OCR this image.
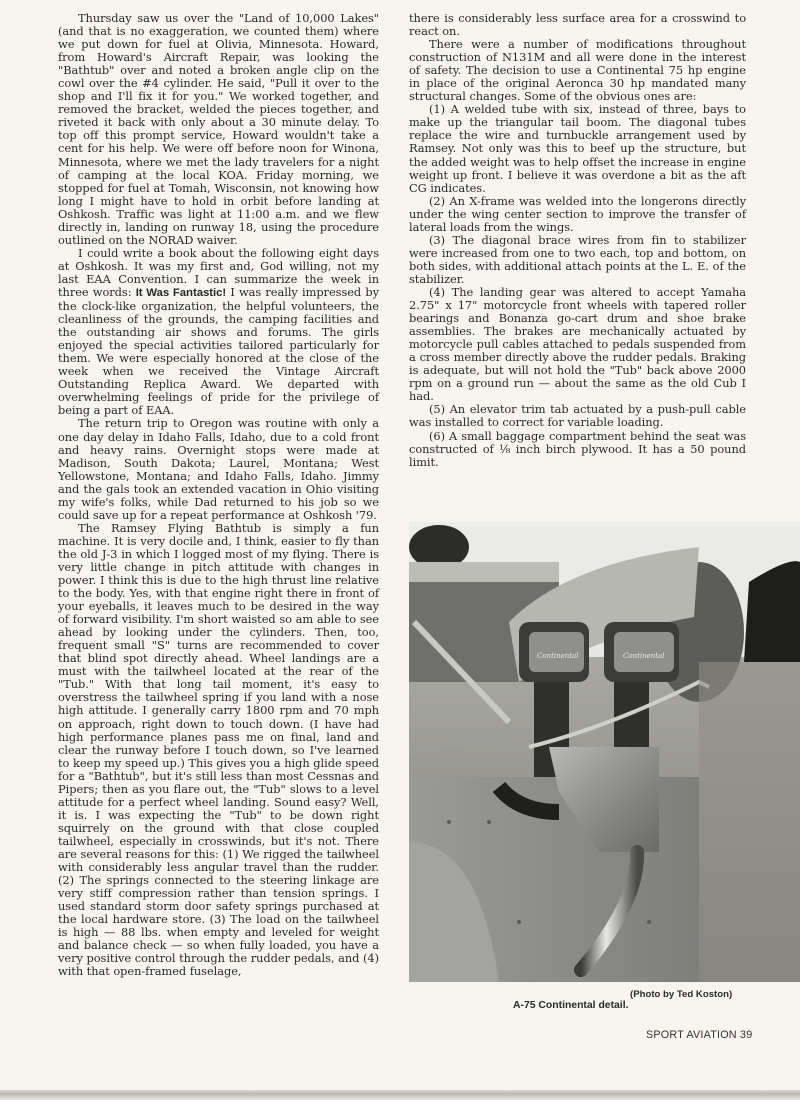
Thursday saw us over the "Land of 10,000 Lakes" (and that is no exaggeration, we counted them) where we put down for fuel at Olivia, Minnesota. Howard, from Howard's Aircraft Repair, was looking the "Bathtub" over and noted a broken angle clip on the cowl over the #4 cylinder. He said, "Pull it over to the shop and I'll fix it for you." We worked together, and removed the bracket, welded the pieces together, and riveted it back with only about a 30 minute delay. To top off this prompt service, Howard wouldn't take a cent for his help. We were off before noon for Winona, Minnesota, where we met the lady travelers for a night of camping at the local KOA. Friday morning, we stopped for fuel at Tomah, Wisconsin, not knowing how long I might have to hold in orbit before landing at Oshkosh. Traffic was light at 11:00 a.m. and we flew directly in, landing on runway 18, using the procedure outlined on the NORAD waiver.

I could write a book about the following eight days at Oshkosh. It was my first and, God willing, not my last EAA Convention. I can summarize the week in three words: It Was Fantastic! I was really impressed by the clock-like organization, the helpful volunteers, the cleanliness of the grounds, the camping facilities and the outstanding air shows and forums. The girls enjoyed the special activities tailored particularly for them. We were especially honored at the close of the week when we received the Vintage Aircraft Outstanding Replica Award. We departed with overwhelming feelings of pride for the privilege of being a part of EAA.

The return trip to Oregon was routine with only a one day delay in Idaho Falls, Idaho, due to a cold front and heavy rains. Overnight stops were made at Madison, South Dakota; Laurel, Montana; West Yellowstone, Montana; and Idaho Falls, Idaho. Jimmy and the gals took an extended vacation in Ohio visiting my wife's folks, while Dad returned to his job so we could save up for a repeat performance at Oshkosh '79.

The Ramsey Flying Bathtub is simply a fun machine. It is very docile and, I think, easier to fly than the old J-3 in which I logged most of my flying. There is very little change in pitch attitude with changes in power. I think this is due to the high thrust line relative to the body. Yes, with that engine right there in front of your eyeballs, it leaves much to be desired in the way of forward visibility. I'm short waisted so am able to see ahead by looking under the cylinders. Then, too, frequent small "S" turns are recommended to cover that blind spot directly ahead. Wheel landings are a must with the tailwheel located at the rear of the "Tub." With that long tail moment, it's easy to overstress the tailwheel spring if you land with a nose high attitude. I generally carry 1800 rpm and 70 mph on approach, right down to touch down. (I have had high performance planes pass me on final, land and clear the runway before I touch down, so I've learned to keep my speed up.) This gives you a high glide speed for a "Bathtub", but it's still less than most Cessnas and Pipers; then as you flare out, the "Tub" slows to a level attitude for a perfect wheel landing. Sound easy? Well, it is. I was expecting the "Tub" to be down right squirrely on the ground with that close coupled tailwheel, especially in crosswinds, but it's not. There are several reasons for this: (1) We rigged the tailwheel with considerably less angular travel than the rudder. (2) The springs connected to the steering linkage are very stiff compression rather than tension springs. I used standard storm door safety springs purchased at the local hardware store. (3) The load on the tailwheel is high — 88 lbs. when empty and leveled for weight and balance check — so when fully loaded, you have a very positive control through the rudder pedals, and (4) with that open-framed fuselage,

there is considerably less surface area for a crosswind to react on.

There were a number of modifications throughout construction of N131M and all were done in the interest of safety. The decision to use a Continental 75 hp engine in place of the original Aeronca 30 hp mandated many structural changes. Some of the obvious ones are:

(1) A welded tube with six, instead of three, bays to make up the triangular tail boom. The diagonal tubes replace the wire and turnbuckle arrangement used by Ramsey. Not only was this to beef up the structure, but the added weight was to help offset the increase in engine weight up front. I believe it was overdone a bit as the aft CG indicates.

(2) An X-frame was welded into the longerons directly under the wing center section to improve the transfer of lateral loads from the wings.

(3) The diagonal brace wires from fin to stabilizer were increased from one to two each, top and bottom, on both sides, with additional attach points at the L. E. of the stabilizer.

(4) The landing gear was altered to accept Yamaha 2.75" x 17" motorcycle front wheels with tapered roller bearings and Bonanza go-cart drum and shoe brake assemblies. The brakes are mechanically actuated by motorcycle pull cables attached to pedals suspended from a cross member directly above the rudder pedals. Braking is adequate, but will not hold the "Tub" back above 2000 rpm on a ground run — about the same as the old Cub I had.

(5) An elevator trim tab actuated by a push-pull cable was installed to correct for variable loading.

(6) A small baggage compartment behind the seat was constructed of ⅛ inch birch plywood. It has a 50 pound limit.

Continental	Continental
(Photo by Ted Koston)
A-75 Continental detail.
SPORT AVIATION 39
